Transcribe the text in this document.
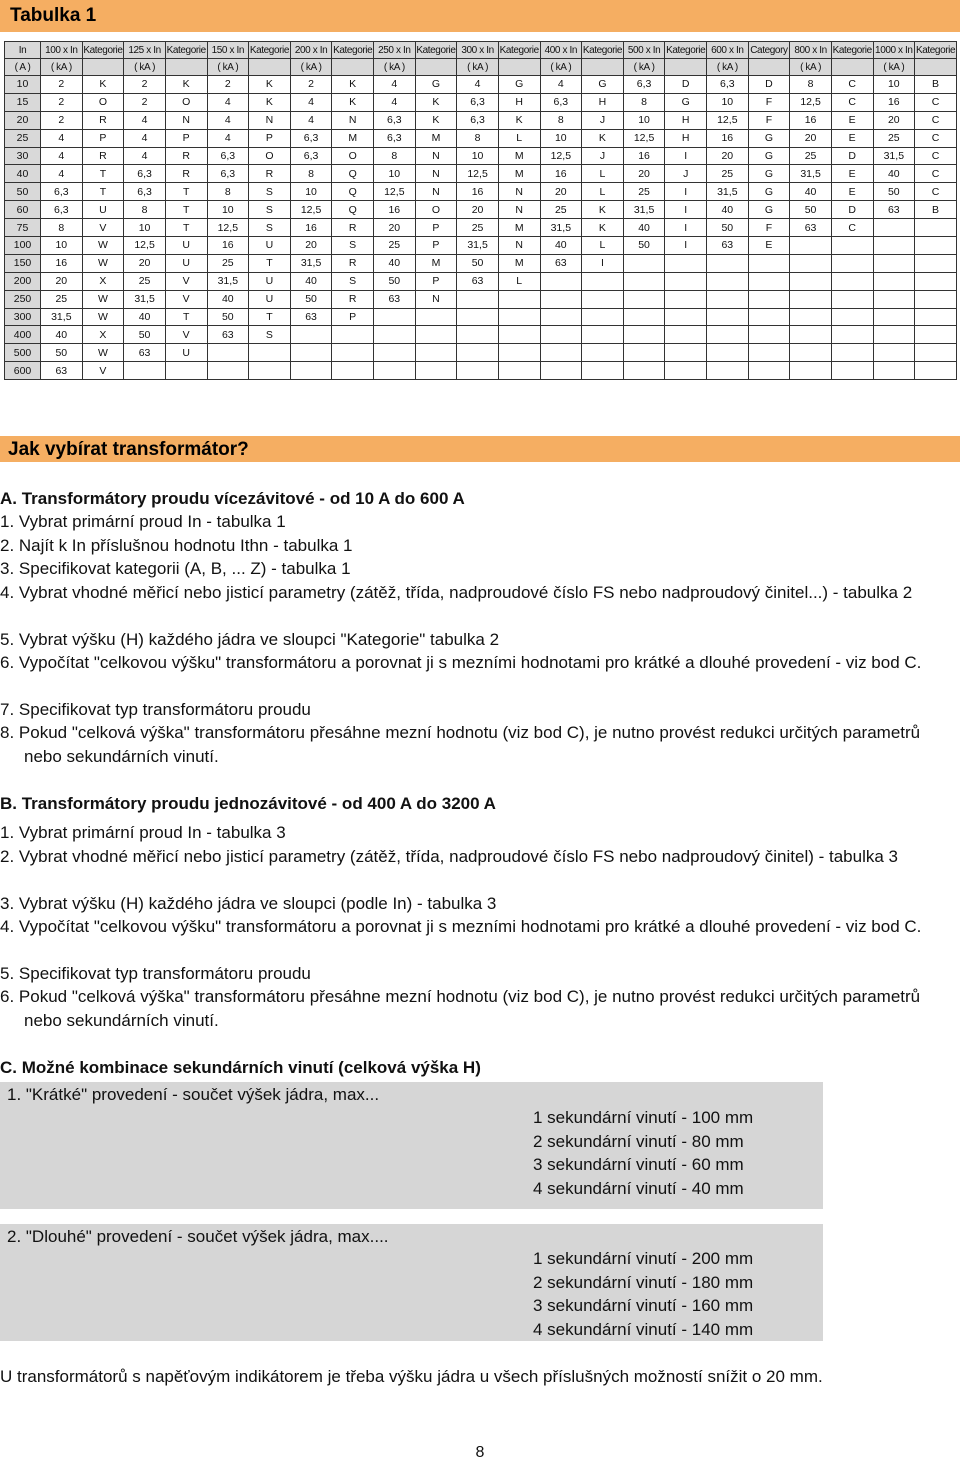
Tabulka 1
In	100 x In	Kategorie	125 x In	Kategorie	150 x In	Kategorie	200 x In	Kategorie	250 x In	Kategorie	300 x In	Kategorie	400 x In	Kategorie	500 x In	Kategorie	600 x In	Category	800 x In	Kategorie	1000 x In	Kategorie
( A )	( kA )		( kA )		( kA )		( kA )		( kA )		( kA )		( kA )		( kA )		( kA )		( kA )		( kA )	
10	2	K	2	K	2	K	2	K	4	G	4	G	4	G	6,3	D	6,3	D	8	C	10	B
15	2	O	2	O	4	K	4	K	4	K	6,3	H	6,3	H	8	G	10	F	12,5	C	16	C
20	2	R	4	N	4	N	4	N	6,3	K	6,3	K	8	J	10	H	12,5	F	16	E	20	C
25	4	P	4	P	4	P	6,3	M	6,3	M	8	L	10	K	12,5	H	16	G	20	E	25	C
30	4	R	4	R	6,3	O	6,3	O	8	N	10	M	12,5	J	16	I	20	G	25	D	31,5	C
40	4	T	6,3	R	6,3	R	8	Q	10	N	12,5	M	16	L	20	J	25	G	31,5	E	40	C
50	6,3	T	6,3	T	8	S	10	Q	12,5	N	16	N	20	L	25	I	31,5	G	40	E	50	C
60	6,3	U	8	T	10	S	12,5	Q	16	O	20	N	25	K	31,5	I	40	G	50	D	63	B
75	8	V	10	T	12,5	S	16	R	20	P	25	M	31,5	K	40	I	50	F	63	C		
100	10	W	12,5	U	16	U	20	S	25	P	31,5	N	40	L	50	I	63	E				
150	16	W	20	U	25	T	31,5	R	40	M	50	M	63	I								
200	20	X	25	V	31,5	U	40	S	50	P	63	L										
250	25	W	31,5	V	40	U	50	R	63	N												
300	31,5	W	40	T	50	T	63	P														
400	40	X	50	V	63	S																
500	50	W	63	U																		
600	63	V																				
Jak vybírat transformátor?
A. Transformátory proudu vícezávitové - od 10 A do 600 A
1. Vybrat primární proud In - tabulka 1
2. Najít k In příslušnou hodnotu Ithn - tabulka 1
3. Specifikovat kategorii (A, B, ... Z) - tabulka 1
4. Vybrat vhodné měřicí nebo jisticí parametry (zátěž, třída, nadproudové číslo FS nebo nadproudový činitel...) - tabulka 2
5. Vybrat výšku (H) každého jádra ve sloupci "Kategorie" tabulka 2
6. Vypočítat "celkovou výšku" transformátoru a porovnat ji s mezními hodnotami pro krátké a dlouhé provedení - viz bod C.
7. Specifikovat typ transformátoru proudu
8. Pokud "celková výška" transformátoru přesáhne mezní hodnotu (viz bod C), je nutno provést redukci určitých parametrů nebo sekundárních vinutí.
B. Transformátory proudu jednozávitové - od 400 A do 3200 A
1. Vybrat primární proud In - tabulka 3
2. Vybrat vhodné měřicí nebo jisticí parametry (zátěž, třída, nadproudové číslo FS nebo nadproudový činitel) - tabulka 3
3. Vybrat výšku (H) každého jádra ve sloupci (podle In) - tabulka 3
4. Vypočítat "celkovou výšku" transformátoru a porovnat ji s mezními hodnotami pro krátké a dlouhé provedení - viz bod C.
5. Specifikovat typ transformátoru proudu
6. Pokud "celková výška" transformátoru přesáhne mezní hodnotu (viz bod C), je nutno provést redukci určitých parametrů nebo sekundárních vinutí.
C. Možné kombinace sekundárních vinutí (celková výška H)
1. "Krátké" provedení - součet výšek jádra, max...
1 sekundární vinutí - 100 mm
2 sekundární vinutí - 80 mm
3 sekundární vinutí - 60 mm
4 sekundární vinutí - 40 mm
2. "Dlouhé" provedení - součet výšek jádra, max....
1 sekundární vinutí - 200 mm
2 sekundární vinutí - 180 mm
3 sekundární vinutí - 160 mm
4 sekundární vinutí - 140 mm
U transformátorů s napěťovým indikátorem je třeba výšku jádra u všech příslušných možností snížit o 20 mm.
8
